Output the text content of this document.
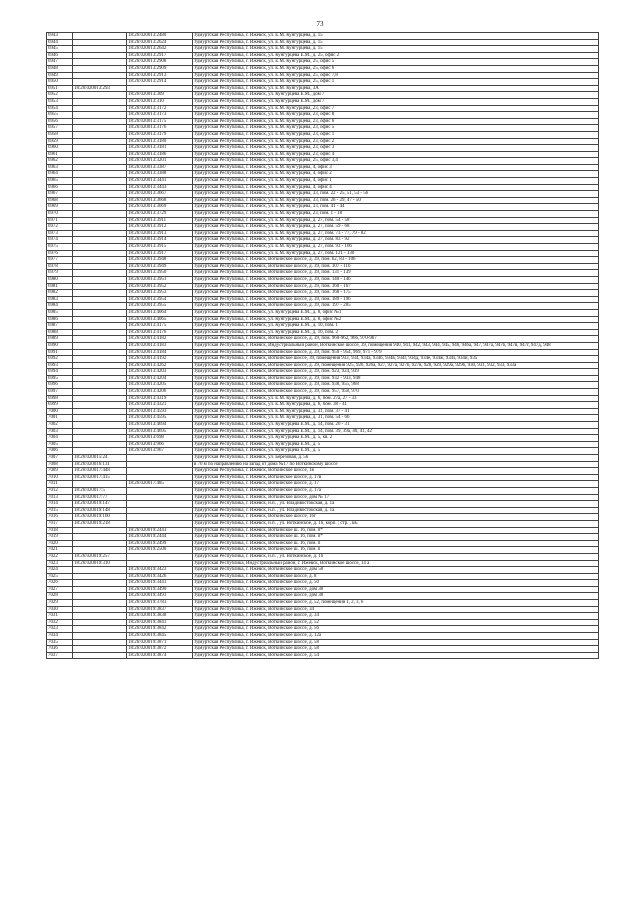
73
6943		18:26:020013:2480	Удмуртская Республика, г. Ижевск, ул. Е.М. Кунгурцева, д. 15
6944		18:26:020013:2624	Удмуртская Республика, г. Ижевск, ул. Е.М. Кунгурцева, д. 15
6945		18:26:020013:2642	Удмуртская Республика, г. Ижевск, ул. Е.М. Кунгурцева, д. 15
6946		18:26:020013:2917	Удмуртская Республика, г. Ижевск, ул. Кунгурцева Е.М., д. 25, офис 2
6947		18:26:020013:2908	Удмуртская Республика, г. Ижевск, ул. Е.М. Кунгурцева, 25, офис 5
6948		18:26:020013:2909	Удмуртская Республика, г. Ижевск, ул. Е.М. Кунгурцева, 25, офис 6
6949		18:26:020013:2913	Удмуртская Республика, г. Ижевск, ул. Е.М. Кунгурцева, 25, офис 7,8
6950		18:26:020013:2914	Удмуртская Республика, г. Ижевск, ул. Е.М. Кунгурцева, 25, офис 1
6951	18:26:020013:293		Удмуртская Республика, г. Ижевск, ул. Е.М. Кунгурцева, 3А
6952		18:26:020013:309	Удмуртская Республика, г. Ижевск, ул. Кунгурцева Е.М., дом 7
6953		18:26:020013:310	Удмуртская Республика, г. Ижевск, ул. Кунгурцева Е.М., дом 7
6954		18:26:020013:3172	Удмуртская Республика, г. Ижевск, ул. Е.М. Кунгурцева, 23, офис 7
6955		18:26:020013:3173	Удмуртская Республика, г. Ижевск, ул. Е.М. Кунгурцева, 23, офис 8
6956		18:26:020013:3175	Удмуртская Республика, г. Ижевск, ул. Е.М. Кунгурцева, 23, офис 6
6957		18:26:020013:3176	Удмуртская Республика, г. Ижевск, ул. Е.М. Кунгурцева, 23, офис 5
6958		18:26:020013:3179	Удмуртская Республика, г. Ижевск, ул. Е.М. Кунгурцева, 23, офис 1
6959		18:26:020013:3180	Удмуртская Республика, г. Ижевск, ул. Е.М. Кунгурцева, 23, офис 2
6960		18:26:020013:3181	Удмуртская Республика, г. Ижевск, ул. Е.М. Кунгурцева, 23, офис 3
6961		18:26:020013:3186	Удмуртская Республика, г. Ижевск, ул. Е.М. Кунгурцева, 23, офис 4
6962		18:26:020013:3201	Удмуртская Республика, г. Ижевск, ул. Е.М. Кунгурцева, 25, офис 3,4
6963		18:26:020013:3387	Удмуртская Республика, г. Ижевск, ул. Е.М. Кунгурцева, 4, офис 3
6964		18:26:020013:3388	Удмуртская Республика, г. Ижевск, ул. Е.М. Кунгурцева, 4, офис 2
6965		18:26:020013:3441	Удмуртская Республика, г. Ижевск, ул. Е.М. Кунгурцева, 4, офис 1
6966		18:26:020013:3443	Удмуртская Республика, г. Ижевск, ул. Е.М. Кунгурцева, 4, офис 4
6967		18:26:020013:3667	Удмуртская Республика, г. Ижевск, ул. Е.М. Кунгурцева, 33, пом. 22 - 25, 51, 53 - 56
6968		18:26:020013:3668	Удмуртская Республика, г. Ижевск, ул. Е.М. Кунгурцева, 33, пом. 26 - 29, 47 - 50
6969		18:26:020013:3669	Удмуртская Республика, г. Ижевск, ул. Е.М. Кунгурцева, 33, пом. 41 - 44
6970		18:26:020013:3729	Удмуртская Республика, г. Ижевск, ул. Е.М. Кунгурцева, 23, пом. 1 - 18
6971		18:26:020013:3911	Удмуртская Республика, г. Ижевск, ул. Е.М. Кунгурцева, д. 27, пом. 54 - 58
6972		18:26:020013:3912	Удмуртская Республика, г. Ижевск, ул. Е.М. Кунгурцева, д. 27, пом. 59 - 68
6973		18:26:020013:3913	Удмуртская Республика, г. Ижевск, ул. Е.М. Кунгурцева, д. 27, пом. 73 - 77, 79 - 82
6974		18:26:020013:3914	Удмуртская Республика, г. Ижевск, ул. Е.М. Кунгурцева, д. 27, пом. 83 - 92
6975		18:26:020013:3915	Удмуртская Республика, г. Ижевск, ул. Е.М. Кунгурцева, д. 27, пом. 93 - 106
6976		18:26:020013:3917	Удмуртская Республика, г. Ижевск, ул. Е.М. Кунгурцева, д. 27, пом. 121 - 130
6977		18:26:020013:3948	Удмуртская Республика, г. Ижевск, Воткинское шоссе, д. 39, пом. 62, 83 - 106
6978		18:26:020013:3949	Удмуртская Республика, г. Ижевск, Воткинское шоссе, д. 39, пом. 107 - 116
6979		18:26:020013:3950	Удмуртская Республика, г. Ижевск, Воткинское шоссе, д. 39, пом. 131 - 139
6980		18:26:020013:3951	Удмуртская Республика, г. Ижевск, Воткинское шоссе, д. 39, пом. 140 - 146
6981		18:26:020013:3952	Удмуртская Республика, г. Ижевск, Воткинское шоссе, д. 39, пом. 160 - 167
6982		18:26:020013:3953	Удмуртская Республика, г. Ижевск, Воткинское шоссе, д. 39, пом. 168 - 175
6983		18:26:020013:3954	Удмуртская Республика, г. Ижевск, Воткинское шоссе, д. 39, пом. 189 - 196
6984		18:26:020013:3955	Удмуртская Республика, г. Ижевск, Воткинское шоссе, д. 39, пом. 197 - 205
6985		18:26:020013:4064	Удмуртская Республика, г. Ижевск, ул. Кунгурцева Е.М., д. 8, офис №1
6986		18:26:020013:4065	Удмуртская Республика, г. Ижевск, ул. Кунгурцева Е.М., д. 8, офис №2
6987		18:26:020013:4175	Удмуртская Республика, г. Ижевск, ул. Кунгурцева Е.М., д. 10, пом. 1
6988		18:26:020013:4176	Удмуртская Республика, г. Ижевск, ул. Кунгурцева Е.М., д. 10, пом. 2
6989		18:26:020013:4182	Удмуртская Республика, г. Ижевск, Воткинское шоссе, д. 39, пом. 960-962, 966, 970-967
6990		18:26:020013:4183	Удмуртская Республика, г. Ижевск, Индустриальный район, Воткинское шоссе, 39, помещения 940, 941, 942, 943, 944, 945, 946, 946а, 947, 947а, 947б, 947в, 947г, 947д, 948
6991		18:26:020013:4184	Удмуртская Республика, г. Ижевск, Воткинское шоссе, д. 39, пом. 950 - 954, 969, 971 - 979
6992		18:26:020013:4192	Удмуртская Республика, г. Ижевск, Воткинское шоссе, 39, помещения 933, 934, 934а, 934б, 934в, 934г, 934д, 934е, 934ж, 934з, 934и, 935
6993		18:26:020013:4262	Удмуртская Республика, г. Ижевск, Воткинское шоссе, д. 39, помещения 925, 926, 926а, 927, 927а, 927б, 927в, 928, 929, 929а, 929б, 930, 931, 932, 933, 933а
6994		18:26:020013:4203	Удмуртская Республика, г. Ижевск, Воткинское шоссе, д. 39, пом. 923, 924, 939
6995		18:26:020013:4204	Удмуртская Республика, г. Ижевск, Воткинское шоссе, д. 39, пом. 932 - 933, 948
6996		18:26:020013:4205	Удмуртская Республика, г. Ижевск, Воткинское шоссе, д. 39, пом. 938, 955, 968
6997		18:26:020013:4206	Удмуртская Республика, г. Ижевск, Воткинское шоссе, д. 39, пом. 957, 958, 970
6998		18:26:020013:4319	Удмуртская Республика, г. Ижевск, ул. Е.М. Кунгурцева, д. 6, пом. 27а, 27 - 33
6999		18:26:020013:4321	Удмуртская Республика, г. Ижевск, ул. Е.М. Кунгурцева, д. 6, пом. 38 - 41
7000		18:26:020013:4593	Удмуртская Республика, г. Ижевск, ул. Е.М. Кунгурцева, д. 31, пом. 37 - 41
7001		18:26:020013:4595	Удмуртская Республика, г. Ижевск, ул. Е.М. Кунгурцева, д. 31, пом. 54 - 66
7002		18:26:020013:4694	Удмуртская Республика, г. Ижевск, ул. Кунгурцева Е.М., д. 14, пом. 20 - 31
7003		18:26:020013:4695	Удмуртская Республика, г. Ижевск, ул. Кунгурцева Е.М., д. 14, пом. 39, 39а, 40, 41, 42
7004		18:26:020013:698	Удмуртская Республика, г. Ижевск, ул. Кунгурцева Е.М., д. 5, кв. 2
7005		18:26:020013:966	Удмуртская Республика, г. Ижевск, ул. Кунгурцева Е.М., д. 5
7006		18:26:020013:967	Удмуртская Республика, г. Ижевск, ул. Кунгурцева Е.М., д. 5
7007	18:26:020015:24		Удмуртская Республика, г. Ижевск, ул. Березовая, д. 5б
7008	18:26:020016:131		в 70 м по направлению на запад от дома №17 по Воткинскому шоссе
7009	18:26:020017:448		Удмуртская Республика, г. Ижевск, Воткинское шоссе, 1в
7010	18:26:020017:415		Удмуртская Республика, г. Ижевск, Воткинское шоссе, д. 17в
7011		18:26:020017:485	Удмуртская Республика, г. Ижевск, Воткинское шоссе, д. 17
7012	18:26:020017:5		Удмуртская Республика, г. Ижевск, Воткинское шоссе, д. 17а
7013	18:26:020017:77		Удмуртская Республика, г. Ижевск, Воткинское шоссе, дом № 17
7014	18:26:020019:147		Удмуртская Республика, г. Ижевск, н.п. , ул. Владивостокская, д. 1а
7015	18:26:020019:148		Удмуртская Республика, г. Ижевск, н.п. , ул. Владивостокская, д. 1а
7016	18:26:020019:160		Удмуртская Республика, г. Ижевск, Воткинское шоссе, 16г
7017	18:26:020019:218		Удмуртская Республика, г. Ижевск, н.п. , ул. Воткинское, д. 16, корп. ; стр. , кв.
7018		18:26:020019:2443	Удмуртская Республика, г. Ижевск, Воткинское ш. 16, пом. п*
7019		18:26:020019:2444	Удмуртская Республика, г. Ижевск, Воткинское ш. 16, пом. п*
7020		18:26:020019:2499	Удмуртская Республика, г. Ижевск, Воткинское ш. 16, пом. п
7021		18:26:020019:2500	Удмуртская Республика, г. Ижевск, Воткинское ш. 16, пом. п
7022	18:26:020019:257		Удмуртская Республика, г. Ижевск, н.п. , ул. Воткинское, д. 16
7023	18:26:020019:310		Удмуртская Республика, Индустриальный район, г. Ижевск, Воткинское шоссе, 14 а
7024		18:26:020019:3423	Удмуртская Республика, г. Ижевск, Воткинское шоссе, дом 58
7025		18:26:020019:3426	Удмуртская Республика, г. Ижевск, Воткинское шоссе, д. 8
7026		18:26:020019:3441	Удмуртская Республика, г. Ижевск, Воткинское шоссе, д. 50
7027		18:26:020019:3490	Удмуртская Республика, г. Ижевск, Воткинское шоссе, дом 38
7028		18:26:020019:3491	Удмуртская Республика, г. Ижевск, Воткинское шоссе, дом 38
7029		18:26:020019:3783	Удмуртская Республика, г. Ижевск, Воткинское шоссе, д. 52, помещения 1, 2, 3, 6
7030		18:26:020019:3837	Удмуртская Республика, г. Ижевск, Воткинское шоссе, 34
7031		18:26:020019:3838	Удмуртская Республика, г. Ижевск, Воткинское шоссе, д. 34
7032		18:26:020019:3841	Удмуртская Республика, г. Ижевск, Воткинское шоссе, д. 52
7033		18:26:020019:3842	Удмуртская Республика, г. Ижевск, Воткинское шоссе, д. 56
7034		18:26:020019:3845	Удмуртская Республика, г. Ижевск, Воткинское шоссе, д. 12а
7035		18:26:020019:3871	Удмуртская Республика, г. Ижевск, Воткинское шоссе, д. 58
7036		18:26:020019:3872	Удмуртская Республика, г. Ижевск, Воткинское шоссе, д. 58
7037		18:26:020019:3874	Удмуртская Республика, г. Ижевск, Воткинское шоссе, д. 54
